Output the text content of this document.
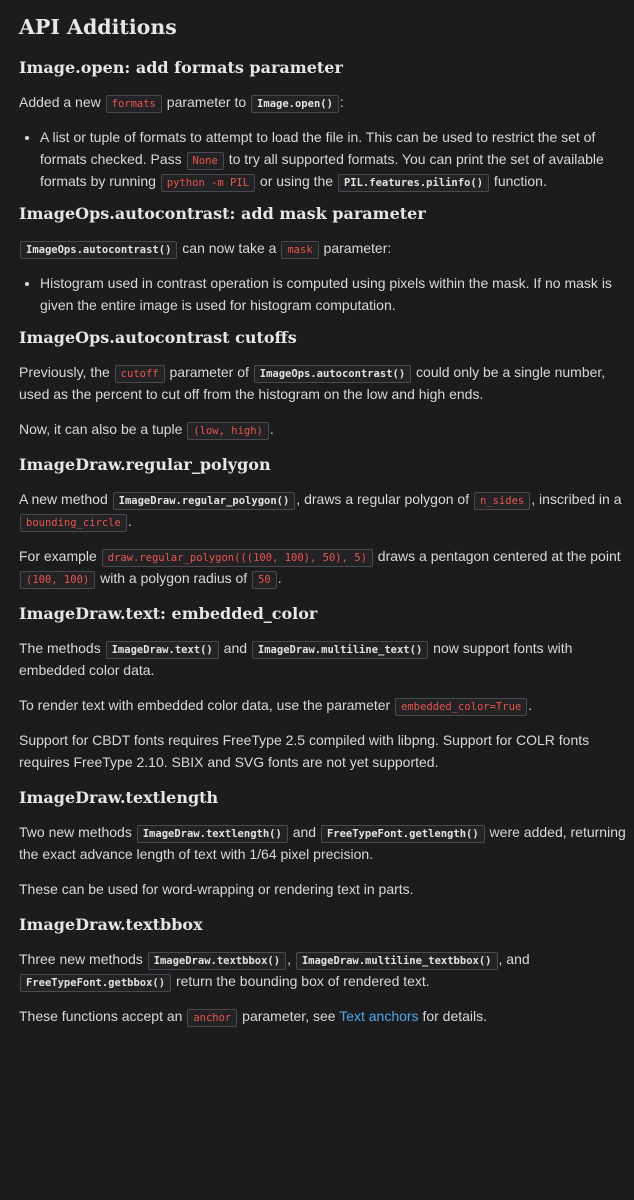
API Additions
Image.open: add formats parameter

Added a new formats parameter to Image.open() :

• A list or tuple of formats to attempt to load the file in. This can be used to restrict the set of formats checked. Pass None to try all supported formats. You can print the set of available formats by running python -m PIL or using the PIL.features.pilinfo() function.
ImageOps.autocontrast: add mask parameter

ImageOps.autocontrast() can now take a mask parameter:

• Histogram used in contrast operation is computed using pixels within the mask. If no mask is given the entire image is used for histogram computation.
ImageOps.autocontrast cutoffs

Previously, the cutoff parameter of ImageOps.autocontrast() could only be a single number, used as the percent to cut off from the histogram on the low and high ends.

Now, it can also be a tuple (low, high) .

ImageDraw.regular_polygon

A new method ImageDraw.regular_polygon() , draws a regular polygon of n_sides , inscribed in a bounding_circle .

For example draw.regular_polygon(((100, 100), 50), 5) draws a pentagon centered at the point (100, 100) with a polygon radius of 50 .

ImageDraw.text: embedded_color

The methods ImageDraw.text() and ImageDraw.multiline_text() now support fonts with embedded color data.

To render text with embedded color data, use the parameter embedded_color=True .

Support for CBDT fonts requires FreeType 2.5 compiled with libpng. Support for COLR fonts requires FreeType 2.10. SBIX and SVG fonts are not yet supported.

ImageDraw.textlength

Two new methods ImageDraw.textlength() and FreeTypeFont.getlength() were added, returning the exact advance length of text with 1/64 pixel precision.

These can be used for word-wrapping or rendering text in parts.

ImageDraw.textbbox

Three new methods ImageDraw.textbbox() , ImageDraw.multiline_textbbox() , and FreeTypeFont.getbbox() return the bounding box of rendered text.

These functions accept an anchor parameter, see Text anchors for details.
